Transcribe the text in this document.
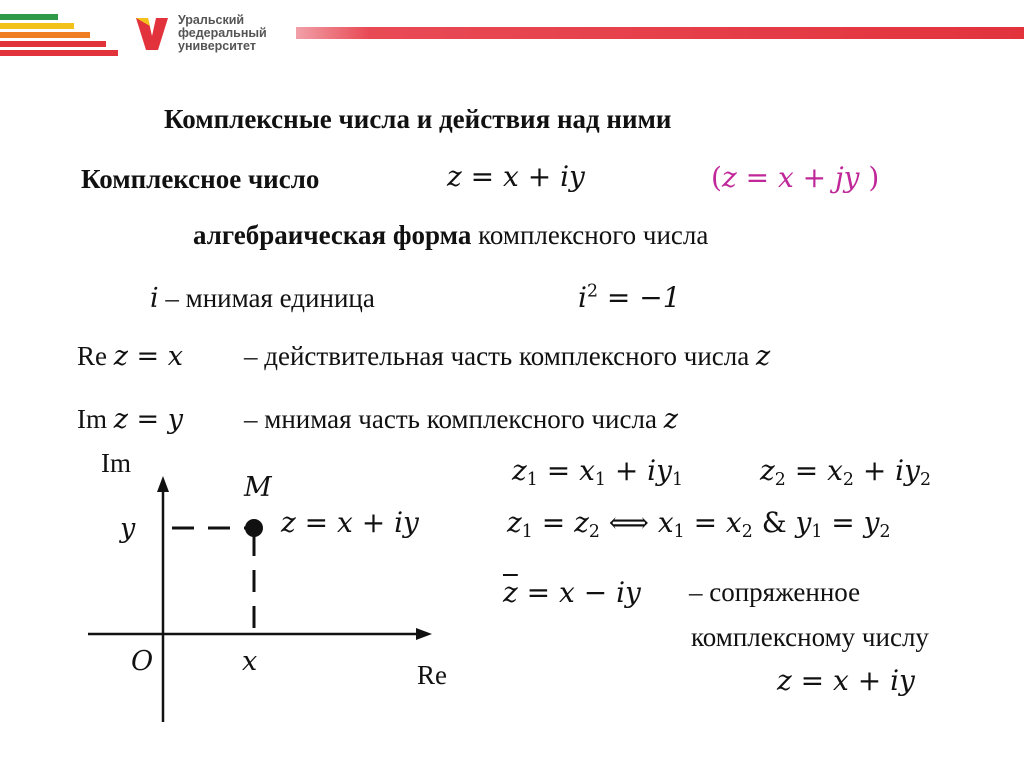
Уральский
федеральный
университет
Комплексные числа и действия над ними
Комплексное число	z = x + iy	(z = x + jy )
алгебраическая форма комплексного числа
i – мнимая единица	$i^2 = -1$
Re z = x – действительная часть комплексного числа z
Im z = y – мнимая часть комплексного числа z
Im
M
y	z = x + iy
O	x	Re
$z_1 = x_1 + iy_1$	$z_2 = x_2 + iy_2$
$z_1 = z_2$ ⟺ $x_1 = x_2$ & $y_1 = y_2$
$\overline{z} = x$ − iy – сопряженное
комплексному числу
z = x + iy
